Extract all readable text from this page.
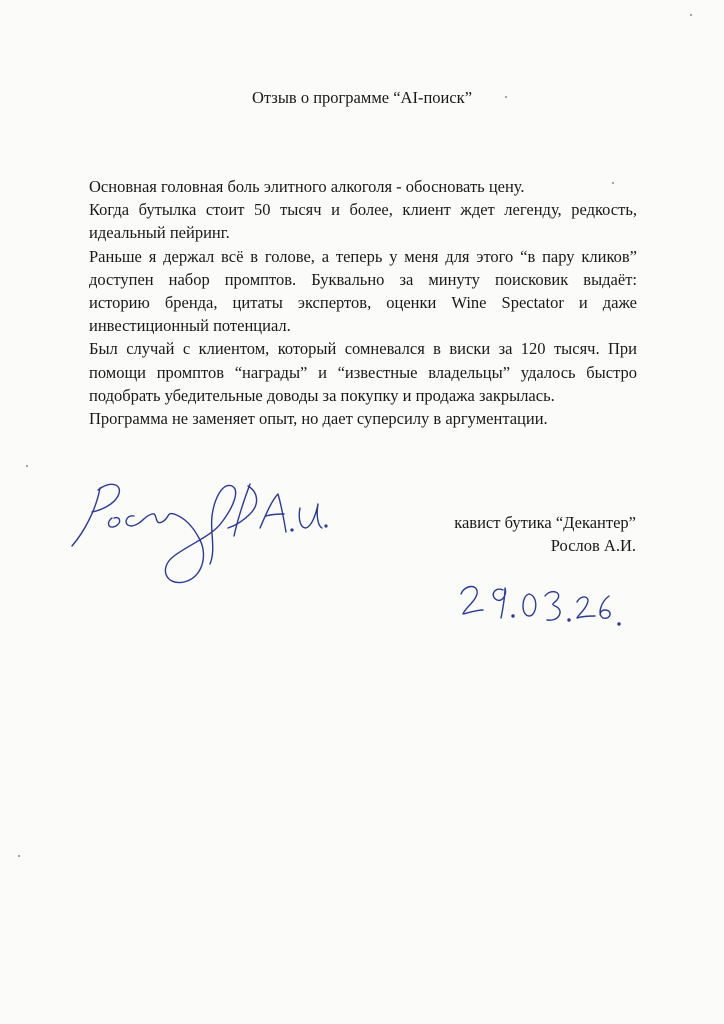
Отзыв о программе “AI-поиск”
Основная головная боль элитного алкоголя - обосновать цену.
Когда бутылка стоит 50 тысяч и более, клиент ждет легенду, редкость,
идеальный пейринг.
Раньше я держал всё в голове, а теперь у меня для этого “в пару кликов”
доступен набор промптов. Буквально за минуту поисковик выдаёт:
историю бренда, цитаты экспертов, оценки Wine Spectator и даже
инвестиционный потенциал.
Был случай с клиентом, который сомневался в виски за 120 тысяч. При
помощи промптов “награды” и “известные владельцы” удалось быстро
подобрать убедительные доводы за покупку и продажа закрылась.
Программа не заменяет опыт, но дает суперсилу в аргументации.
кавист бутика “Декантер”
Рослов А.И.
